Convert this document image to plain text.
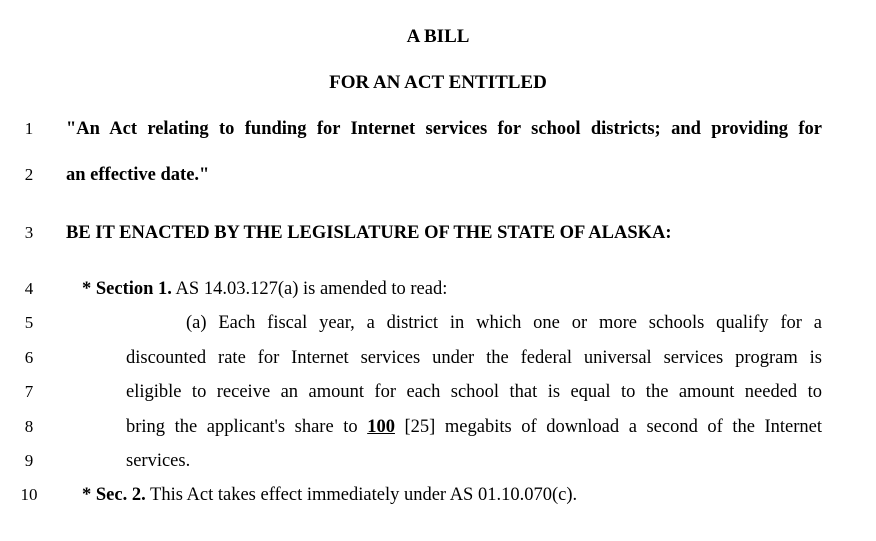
A BILL
FOR AN ACT ENTITLED
1
2
3
4
5
6
7
8
9
10
"An Act relating to funding for Internet services for school districts; and providing for
an effective date."
BE IT ENACTED BY THE LEGISLATURE OF THE STATE OF ALASKA:
* Section 1. AS 14.03.127(a) is amended to read:
(a) Each fiscal year, a district in which one or more schools qualify for a
discounted rate for Internet services under the federal universal services program is
eligible to receive an amount for each school that is equal to the amount needed to
bring the applicant's share to 100 [25] megabits of download a second of the Internet
services.
* Sec. 2. This Act takes effect immediately under AS 01.10.070(c).
